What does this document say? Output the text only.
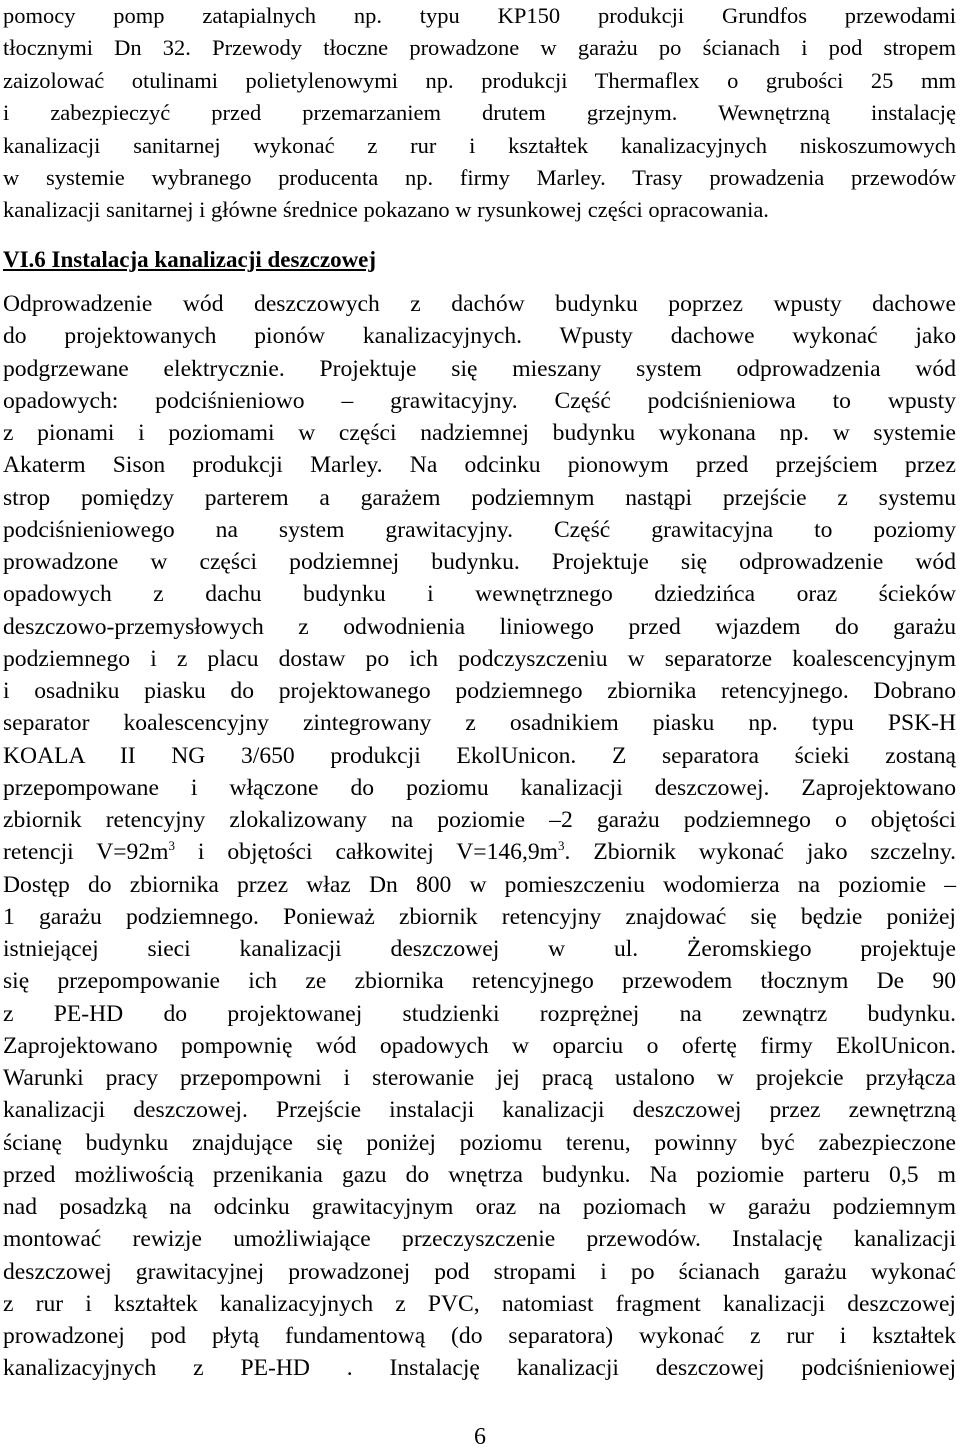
pomocy pomp zatapialnych np. typu KP150 produkcji Grundfos przewodami
tłocznymi Dn 32. Przewody tłoczne prowadzone w garażu po ścianach i pod stropem
zaizolować otulinami polietylenowymi np. produkcji Thermaflex o grubości 25 mm
i zabezpieczyć przed przemarzaniem drutem grzejnym. Wewnętrzną instalację
kanalizacji sanitarnej wykonać z rur i kształtek kanalizacyjnych niskoszumowych
w systemie wybranego producenta np. firmy Marley. Trasy prowadzenia przewodów
kanalizacji sanitarnej i główne średnice pokazano w rysunkowej części opracowania.
VI.6 Instalacja kanalizacji deszczowej
Odprowadzenie wód deszczowych z dachów budynku poprzez wpusty dachowe
do projektowanych pionów kanalizacyjnych. Wpusty dachowe wykonać jako
podgrzewane elektrycznie. Projektuje się mieszany system odprowadzenia wód
opadowych: podciśnieniowo – grawitacyjny. Część podciśnieniowa to wpusty
z pionami i poziomami w części nadziemnej budynku wykonana np. w systemie
Akaterm Sison produkcji Marley. Na odcinku pionowym przed przejściem przez
strop pomiędzy parterem a garażem podziemnym nastąpi przejście z systemu
podciśnieniowego na system grawitacyjny. Część grawitacyjna to poziomy
prowadzone w części podziemnej budynku. Projektuje się odprowadzenie wód
opadowych z dachu budynku i wewnętrznego dziedzińca oraz ścieków
deszczowo-przemysłowych z odwodnienia liniowego przed wjazdem do garażu
podziemnego i z placu dostaw po ich podczyszczeniu w separatorze koalescencyjnym
i osadniku piasku do projektowanego podziemnego zbiornika retencyjnego. Dobrano
separator koalescencyjny zintegrowany z osadnikiem piasku np. typu PSK-H
KOALA II NG 3/650 produkcji EkolUnicon. Z separatora ścieki zostaną
przepompowane i włączone do poziomu kanalizacji deszczowej. Zaprojektowano
zbiornik retencyjny zlokalizowany na poziomie –2 garażu podziemnego o objętości
retencji $V=92m^3$ i objętości całkowitej $V=146,9m^3$. Zbiornik wykonać jako szczelny.
Dostęp do zbiornika przez właz Dn 800 w pomieszczeniu wodomierza na poziomie –
1 garażu podziemnego. Ponieważ zbiornik retencyjny znajdować się będzie poniżej
istniejącej sieci kanalizacji deszczowej w ul. Żeromskiego projektuje
się przepompowanie ich ze zbiornika retencyjnego przewodem tłocznym De 90
z PE-HD do projektowanej studzienki rozprężnej na zewnątrz budynku.
Zaprojektowano pompownię wód opadowych w oparciu o ofertę firmy EkolUnicon.
Warunki pracy przepompowni i sterowanie jej pracą ustalono w projekcie przyłącza
kanalizacji deszczowej. Przejście instalacji kanalizacji deszczowej przez zewnętrzną
ścianę budynku znajdujące się poniżej poziomu terenu, powinny być zabezpieczone
przed możliwością przenikania gazu do wnętrza budynku. Na poziomie parteru 0,5 m
nad posadzką na odcinku grawitacyjnym oraz na poziomach w garażu podziemnym
montować rewizje umożliwiające przeczyszczenie przewodów. Instalację kanalizacji
deszczowej grawitacyjnej prowadzonej pod stropami i po ścianach garażu wykonać
z rur i kształtek kanalizacyjnych z PVC, natomiast fragment kanalizacji deszczowej
prowadzonej pod płytą fundamentową (do separatora) wykonać z rur i kształtek
kanalizacyjnych z PE-HD . Instalację kanalizacji deszczowej podciśnieniowej
6
